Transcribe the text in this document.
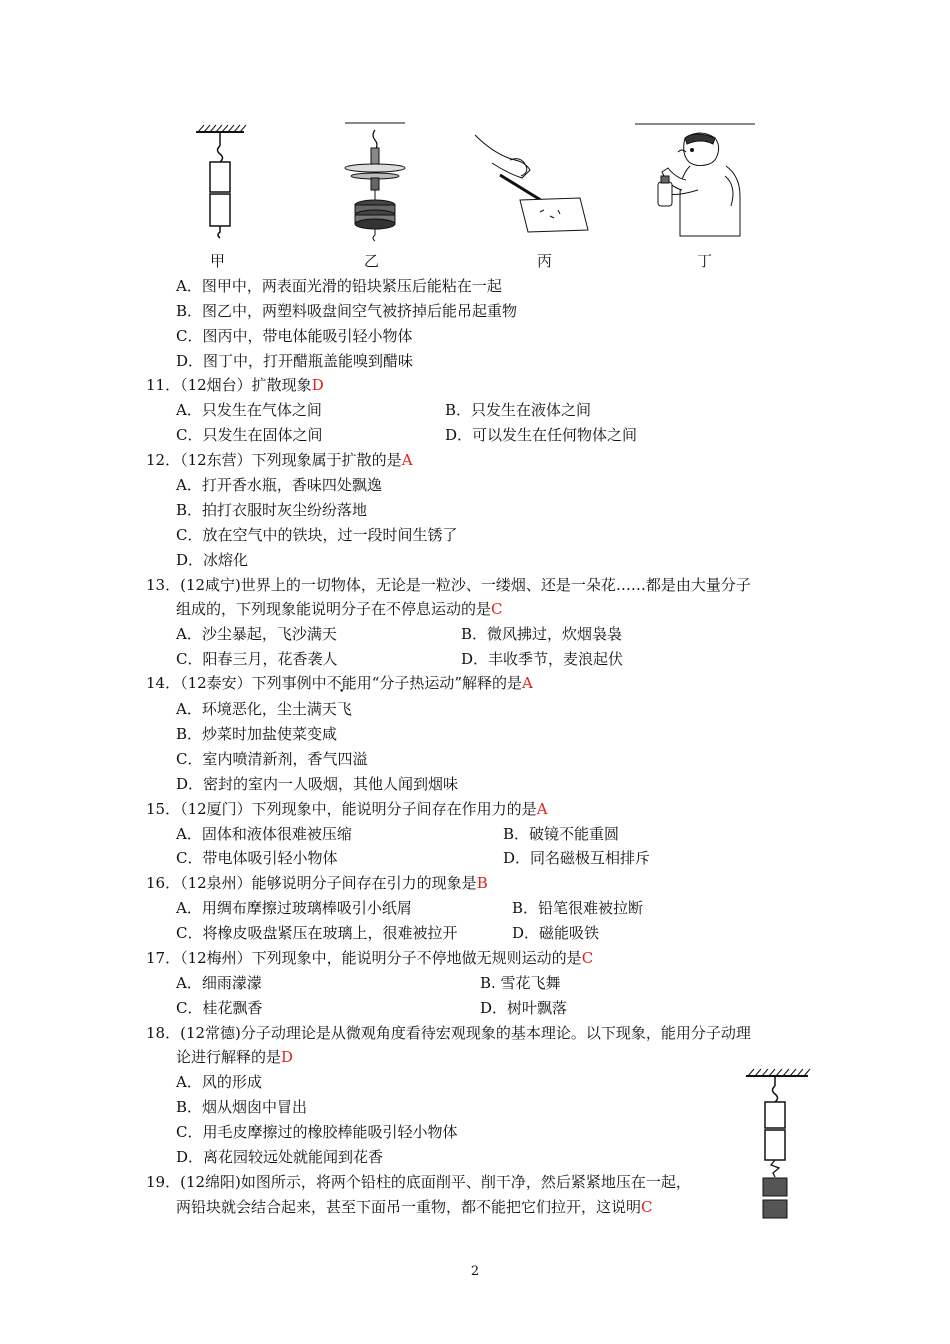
甲	乙	丙	丁
A．图甲中，两表面光滑的铅块紧压后能粘在一起
B．图乙中，两塑料吸盘间空气被挤掉后能吊起重物
C．图丙中，带电体能吸引轻小物体
D．图丁中，打开醋瓶盖能嗅到醋味
11．（12烟台）扩散现象D
A．只发生在气体之间	B．只发生在液体之间
C．只发生在固体之间	D．可以发生在任何物体之间
12．（12东营）下列现象属于扩散的是A
A．打开香水瓶，香味四处飘逸
B．拍打衣服时灰尘纷纷落地
C．放在空气中的铁块，过一段时间生锈了
D．冰熔化
13．(12咸宁)世界上的一切物体，无论是一粒沙、一缕烟、还是一朵花……都是由大量分子
组成的，下列现象能说明分子在不停息运动的是C
A．沙尘暴起，飞沙满天	B．微风拂过，炊烟袅袅
C．阳春三月，花香袭人	D．丰收季节，麦浪起伏
14．（12泰安）下列事例中不能用“分子热运动”解释的是A
A．环境恶化，尘土满天飞
B．炒菜时加盐使菜变咸
C．室内喷清新剂，香气四溢
D．密封的室内一人吸烟，其他人闻到烟味
15．（12厦门）下列现象中，能说明分子间存在作用力的是A
A．固体和液体很难被压缩	B．破镜不能重圆
C．带电体吸引轻小物体	D．同名磁极互相排斥
16．（12泉州）能够说明分子间存在引力的现象是B
A．用绸布摩擦过玻璃棒吸引小纸屑	B．铅笔很难被拉断
C．将橡皮吸盘紧压在玻璃上，很难被拉开	D．磁能吸铁
17．（12梅州）下列现象中，能说明分子不停地做无规则运动的是C
A．细雨濛濛	B. 雪花飞舞
C．桂花飘香	D．树叶飘落
18．(12常德)分子动理论是从微观角度看待宏观现象的基本理论。以下现象，能用分子动理
论进行解释的是D
A．风的形成
B．烟从烟囱中冒出
C．用毛皮摩擦过的橡胶棒能吸引轻小物体
D．离花园较远处就能闻到花香
19．(12绵阳)如图所示，将两个铅柱的底面削平、削干净，然后紧紧地压在一起，
两铅块就会结合起来，甚至下面吊一重物，都不能把它们拉开，这说明C
2
